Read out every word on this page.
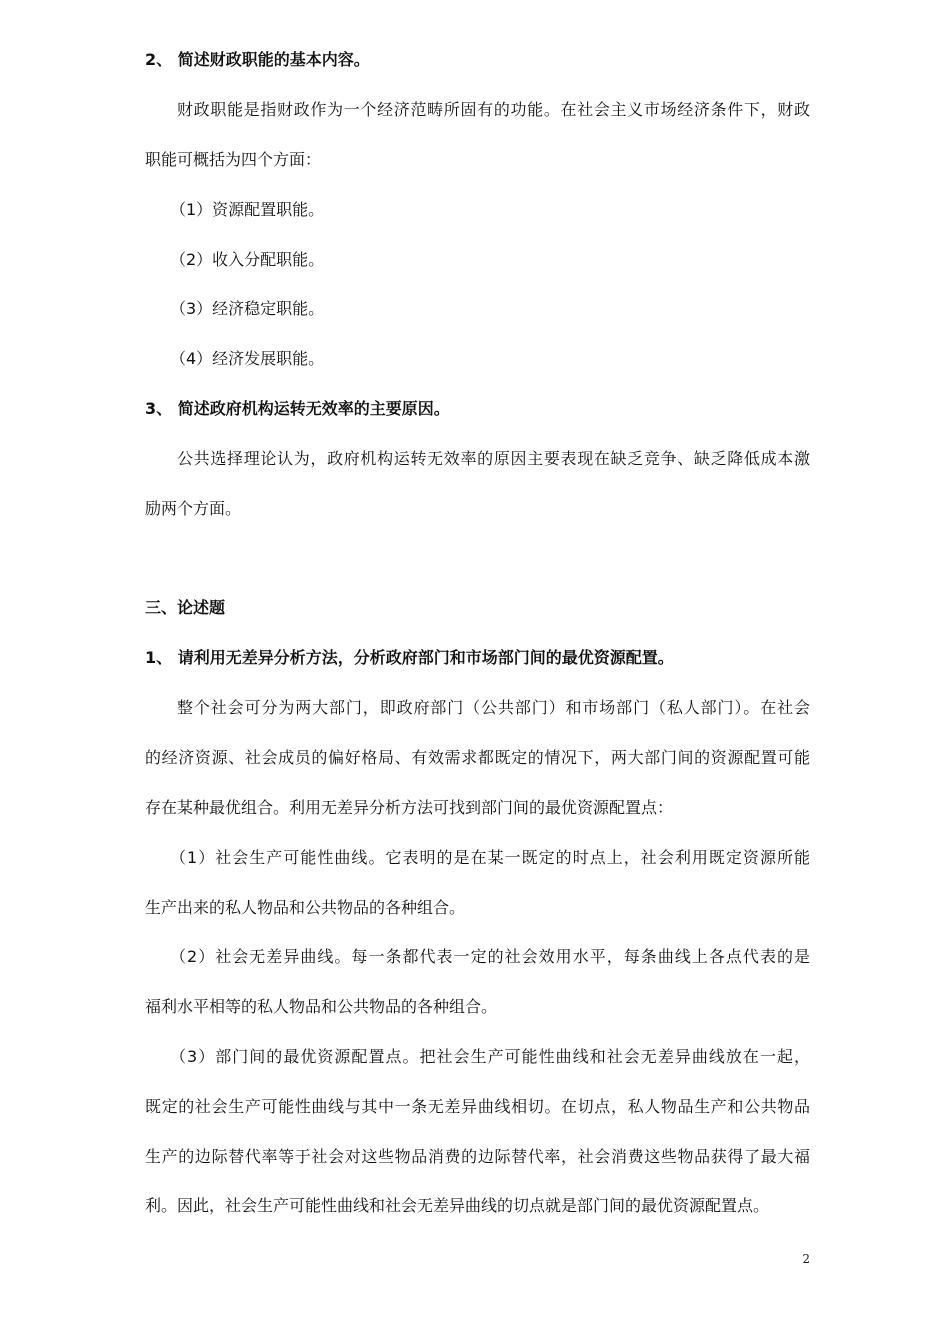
2、 简述财政职能的基本内容。
财政职能是指财政作为一个经济范畴所固有的功能。在社会主义市场经济条件下，财政
职能可概括为四个方面：
（1）资源配置职能。
（2）收入分配职能。
（3）经济稳定职能。
（4）经济发展职能。
3、 简述政府机构运转无效率的主要原因。
公共选择理论认为，政府机构运转无效率的原因主要表现在缺乏竞争、缺乏降低成本激
励两个方面。
三、论述题
1、 请利用无差异分析方法，分析政府部门和市场部门间的最优资源配置。
整个社会可分为两大部门，即政府部门（公共部门）和市场部门（私人部门）。在社会
的经济资源、社会成员的偏好格局、有效需求都既定的情况下，两大部门间的资源配置可能
存在某种最优组合。利用无差异分析方法可找到部门间的最优资源配置点：
（1）社会生产可能性曲线。它表明的是在某一既定的时点上，社会利用既定资源所能
生产出来的私人物品和公共物品的各种组合。
（2）社会无差异曲线。每一条都代表一定的社会效用水平，每条曲线上各点代表的是
福利水平相等的私人物品和公共物品的各种组合。
（3）部门间的最优资源配置点。把社会生产可能性曲线和社会无差异曲线放在一起，
既定的社会生产可能性曲线与其中一条无差异曲线相切。在切点，私人物品生产和公共物品
生产的边际替代率等于社会对这些物品消费的边际替代率，社会消费这些物品获得了最大福
利。因此，社会生产可能性曲线和社会无差异曲线的切点就是部门间的最优资源配置点。
2
